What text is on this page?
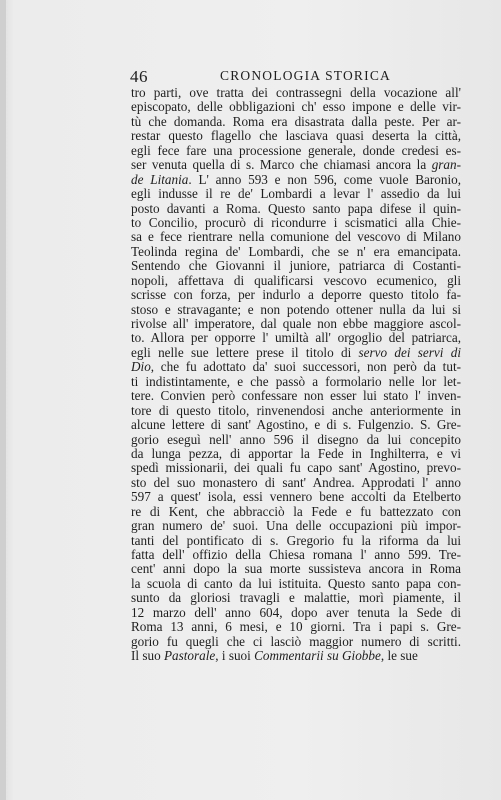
46	CRONOLOGIA STORICA
tro parti, ove tratta dei contrassegni della vocazione all'
episcopato, delle obbligazioni ch' esso impone e delle vir-
tù che domanda. Roma era disastrata dalla peste. Per ar-
restar questo flagello che lasciava quasi deserta la città,
egli fece fare una processione generale, donde credesi es-
ser venuta quella di s. Marco che chiamasi ancora la gran-
de Litania. L' anno 593 e non 596, come vuole Baronio,
egli indusse il re de' Lombardi a levar l' assedio da lui
posto davanti a Roma. Questo santo papa difese il quin-
to Concilio, procurò di ricondurre i scismatici alla Chie-
sa e fece rientrare nella comunione del vescovo di Milano
Teolinda regina de' Lombardi, che se n' era emancipata.
Sentendo che Giovanni il juniore, patriarca di Costanti-
nopoli, affettava di qualificarsi vescovo ecumenico, gli
scrisse con forza, per indurlo a deporre questo titolo fa-
stoso e stravagante; e non potendo ottener nulla da lui si
rivolse all' imperatore, dal quale non ebbe maggiore ascol-
to. Allora per opporre l' umiltà all' orgoglio del patriarca,
egli nelle sue lettere prese il titolo di servo dei servi di
Dio, che fu adottato da' suoi successori, non però da tut-
ti indistintamente, e che passò a formolario nelle lor let-
tere. Convien però confessare non esser lui stato l' inven-
tore di questo titolo, rinvenendosi anche anteriormente in
alcune lettere di sant' Agostino, e di s. Fulgenzio. S. Gre-
gorio eseguì nell' anno 596 il disegno da lui concepito
da lunga pezza, di apportar la Fede in Inghilterra, e vi
spedì missionarii, dei quali fu capo sant' Agostino, prevo-
sto del suo monastero di sant' Andrea. Approdati l' anno
597 a quest' isola, essi vennero bene accolti da Etelberto
re di Kent, che abbracciò la Fede e fu battezzato con
gran numero de' suoi. Una delle occupazioni più impor-
tanti del pontificato di s. Gregorio fu la riforma da lui
fatta dell' offizio della Chiesa romana l' anno 599. Tre-
cent' anni dopo la sua morte sussisteva ancora in Roma
la scuola di canto da lui istituita. Questo santo papa con-
sunto da gloriosi travagli e malattie, morì piamente, il
12 marzo dell' anno 604, dopo aver tenuta la Sede di
Roma 13 anni, 6 mesi, e 10 giorni. Tra i papi s. Gre-
gorio fu quegli che ci lasciò maggior numero di scritti.
Il suo Pastorale, i suoi Commentarii su Giobbe, le sue
